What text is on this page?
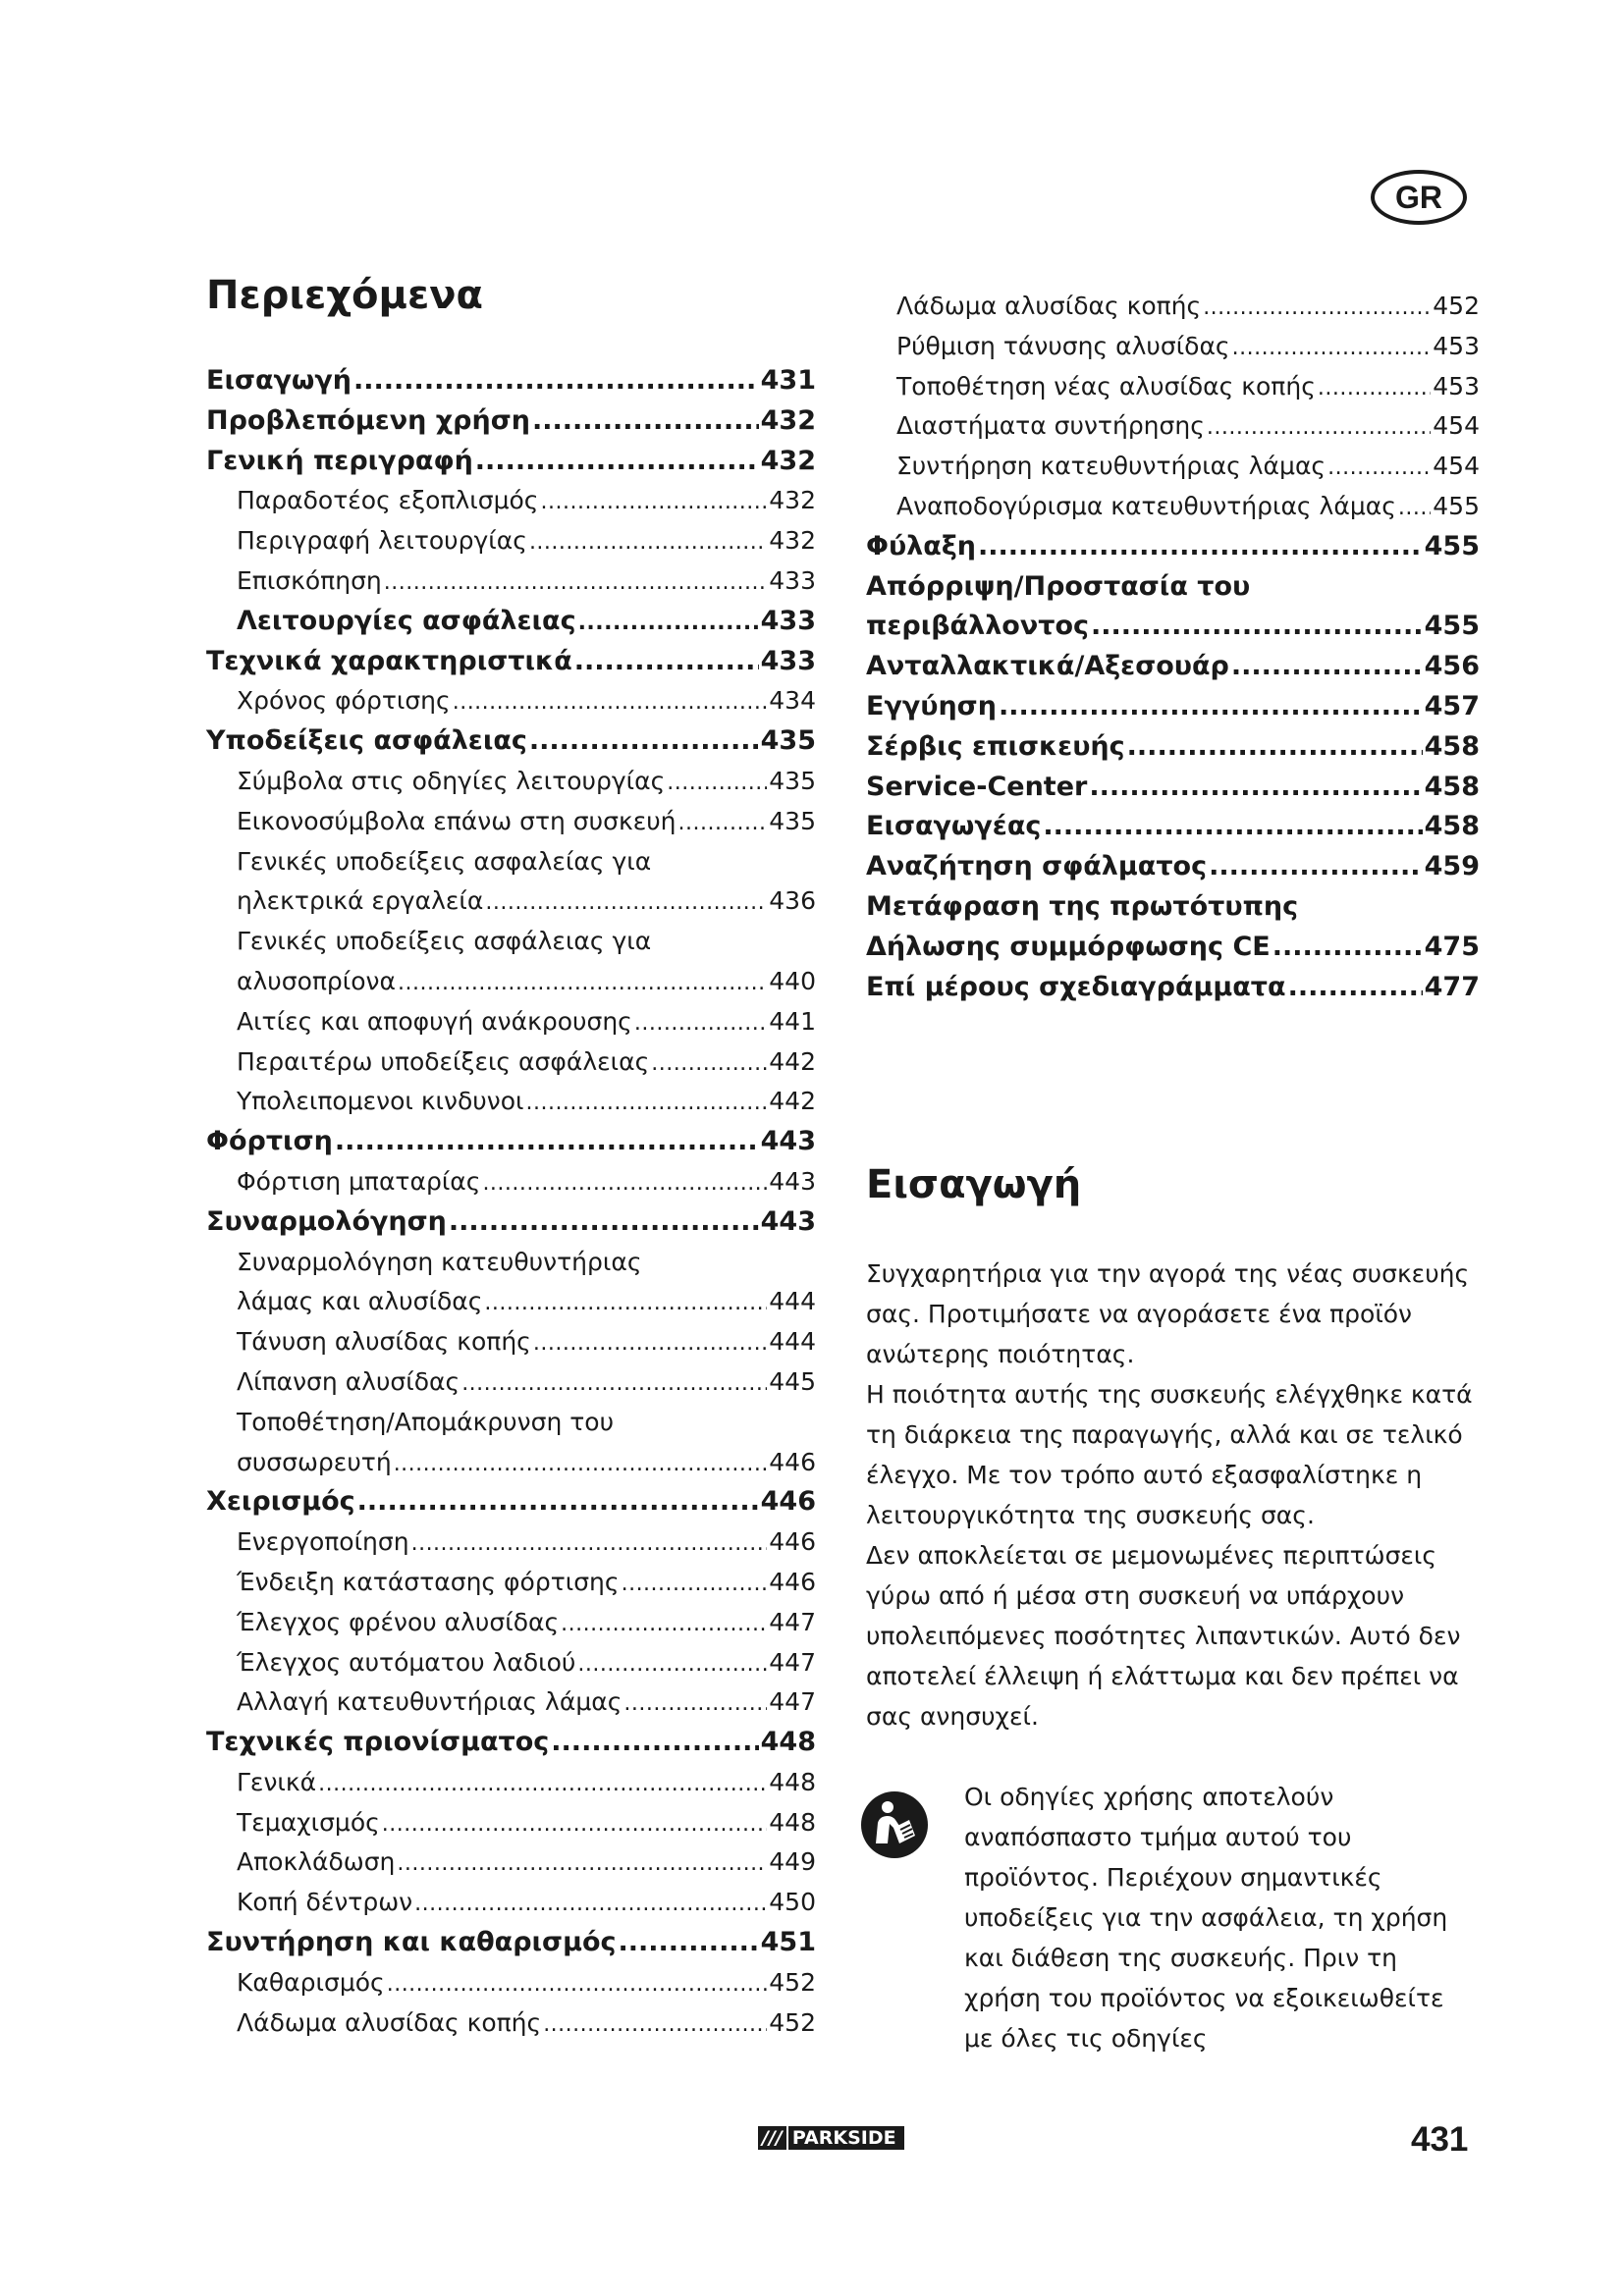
GR
Περιεχόμενα
Εισαγωγή .....	431
Προβλεπόμενη χρήση .....	432
Γενική περιγραφή .....	432
Παραδοτέος εξοπλισμός .....	432
Περιγραφή λειτουργίας .....	432
Επισκόπηση .....	433
Λειτουργίες ασφάλειας .....	433
Τεχνικά χαρακτηριστικά .....	433
Χρόνος φόρτισης .....	434
Υποδείξεις ασφάλειας .....	435
Σύμβολα στις οδηγίες λειτουργίας .....	435
Εικονοσύμβολα επάνω στη συσκευή .....	435
Γενικές υποδείξεις ασφαλείας για
ηλεκτρικά εργαλεία .....	436
Γενικές υποδείξεις ασφάλειας για
αλυσοπρίονα .....	440
Αιτίες και αποφυγή ανάκρουσης .....	441
Περαιτέρω υποδείξεις ασφάλειας .....	442
Υπολειπομενοι κινδυνοι .....	442
Φόρτιση .....	443
Φόρτιση μπαταρίας .....	443
Συναρμολόγηση .....	443
Συναρμολόγηση κατευθυντήριας
λάμας και αλυσίδας .....	444
Τάνυση αλυσίδας κοπής .....	444
Λίπανση αλυσίδας .....	445
Τοποθέτηση/Απομάκρυνση του
συσσωρευτή .....	446
Χειρισμός .....	446
Ενεργοποίηση .....	446
Ένδειξη κατάστασης φόρτισης .....	446
Έλεγχος φρένου αλυσίδας .....	447
Έλεγχος αυτόματου λαδιού .....	447
Αλλαγή κατευθυντήριας λάμας .....	447
Τεχνικές πριονίσματος .....	448
Γενικά .....	448
Τεμαχισμός .....	448
Αποκλάδωση .....	449
Κοπή δέντρων .....	450
Συντήρηση και καθαρισμός .....	451
Καθαρισμός .....	452
Λάδωμα αλυσίδας κοπής .....	452
Λάδωμα αλυσίδας κοπής .....	452
Ρύθμιση τάνυσης αλυσίδας .....	453
Τοποθέτηση νέας αλυσίδας κοπής .....	453
Διαστήματα συντήρησης .....	454
Συντήρηση κατευθυντήριας λάμας .....	454
Αναποδογύρισμα κατευθυντήριας λάμας ..... 455
Φύλαξη .....	455
Απόρριψη/Προστασία του
περιβάλλοντος .....	455
Ανταλλακτικά/Αξεσουάρ .....	456
Εγγύηση .....	457
Σέρβις επισκευής .....	458
Service-Center .....	458
Εισαγωγέας .....	458
Αναζήτηση σφάλματος .....	459
Μετάφραση της πρωτότυπης
Δήλωσης συμμόρφωσης CE .....	475
Επί μέρους σχεδιαγράμματα .....	477
Εισαγωγή

Συγχαρητήρια για την αγορά της νέας συσκευής σας. Προτιμήσατε να αγοράσετε ένα προϊόν ανώτερης ποιότητας.

Η ποιότητα αυτής της συσκευής ελέγχθηκε κατά τη διάρκεια της παραγωγής, αλλά και σε τελικό έλεγχο. Με τον τρόπο αυτό εξασφαλίστηκε η λειτουργικότητα της συσκευής σας.

Δεν αποκλείεται σε μεμονωμένες περιπτώσεις γύρω από ή μέσα στη συσκευή να υπάρχουν υπολειπόμενες ποσότητες λιπαντικών. Αυτό δεν αποτελεί έλλειψη ή ελάττωμα και δεν πρέπει να σας ανησυχεί.

Οι οδηγίες χρήσης αποτελούν αναπόσπαστο τμήμα αυτού του προϊόντος. Περιέχουν σημαντικές υποδείξεις για την ασφάλεια, τη χρήση και διάθεση της συσκευής. Πριν τη χρήση του προϊόντος να εξοικειωθείτε με όλες τις οδηγίες

/// PARKSIDE	431
